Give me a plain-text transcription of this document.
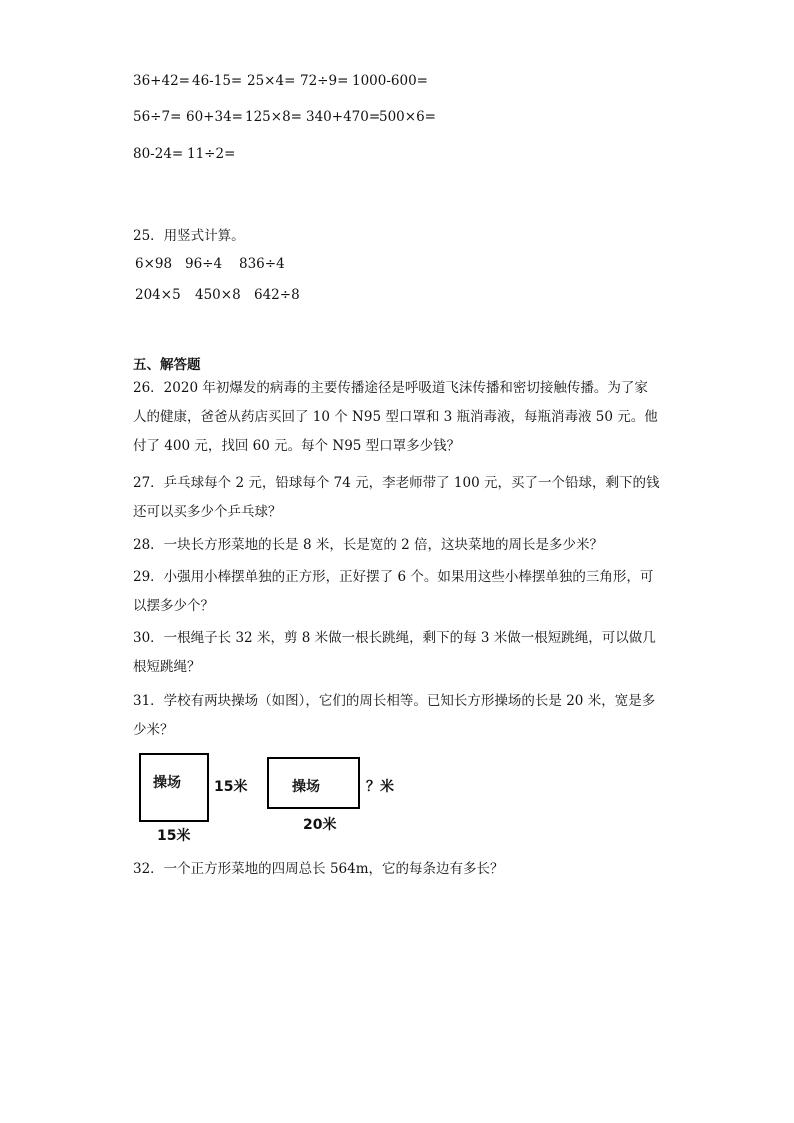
36+42= 46-15= 25×4= 72÷9= 1000-600=
56÷7= 60+34= 125×8= 340+470=
500×6=
80-24= 11÷2=
25．用竖式计算。
6×98 96÷4 836÷4
204×5 450×8 642÷8
五、解答题
26．2020 年初爆发的病毒的主要传播途径是呼吸道飞沫传播和密切接触传播。为了家
人的健康，爸爸从药店买回了 10 个 N95 型口罩和 3 瓶消毒液，每瓶消毒液 50 元。他
付了 400 元，找回 60 元。每个 N95 型口罩多少钱？
27．乒乓球每个 2 元，铅球每个 74 元，李老师带了 100 元，买了一个铅球，剩下的钱
还可以买多少个乒乓球？
28．一块长方形菜地的长是 8 米，长是宽的 2 倍，这块菜地的周长是多少米？
29．小强用小棒摆单独的正方形，正好摆了 6 个。如果用这些小棒摆单独的三角形，可
以摆多少个？
30．一根绳子长 32 米，剪 8 米做一根长跳绳，剩下的每 3 米做一根短跳绳，可以做几
根短跳绳？
31．学校有两块操场（如图），它们的周长相等。已知长方形操场的长是 20 米，宽是多
少米？
操场 15米
15米
操场	？米
20米
32．一个正方形菜地的四周总长 564m，它的每条边有多长？
